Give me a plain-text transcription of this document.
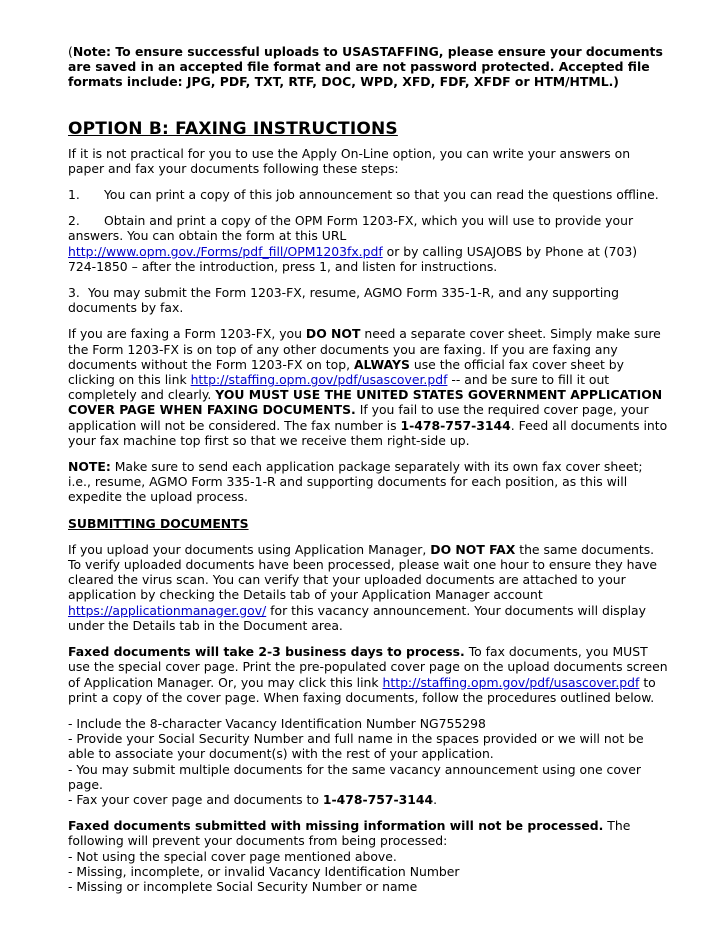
(Note: To ensure successful uploads to USASTAFFING, please ensure your documents are saved in an accepted file format and are not password protected. Accepted file formats include: JPG, PDF, TXT, RTF, DOC, WPD, XFD, FDF, XFDF or HTM/HTML.)

OPTION B: FAXING INSTRUCTIONS

If it is not practical for you to use the Apply On-Line option, you can write your answers on paper and fax your documents following these steps:

1. You can print a copy of this job announcement so that you can read the questions offline.

2. Obtain and print a copy of the OPM Form 1203-FX, which you will use to provide your answers. You can obtain the form at this URL
http://www.opm.gov./Forms/pdf_fill/OPM1203fx.pdf or by calling USAJOBS by Phone at (703) 724-1850 – after the introduction, press 1, and listen for instructions.

3. You may submit the Form 1203-FX, resume, AGMO Form 335-1-R, and any supporting documents by fax.

If you are faxing a Form 1203-FX, you DO NOT need a separate cover sheet. Simply make sure the Form 1203-FX is on top of any other documents you are faxing. If you are faxing any documents without the Form 1203-FX on top, ALWAYS use the official fax cover sheet by clicking on this link http://staffing.opm.gov/pdf/usascover.pdf -- and be sure to fill it out completely and clearly. YOU MUST USE THE UNITED STATES GOVERNMENT APPLICATION COVER PAGE WHEN FAXING DOCUMENTS. If you fail to use the required cover page, your application will not be considered. The fax number is 1-478-757-3144. Feed all documents into your fax machine top first so that we receive them right-side up.

NOTE: Make sure to send each application package separately with its own fax cover sheet; i.e., resume, AGMO Form 335-1-R and supporting documents for each position, as this will expedite the upload process.

SUBMITTING DOCUMENTS

If you upload your documents using Application Manager, DO NOT FAX the same documents. To verify uploaded documents have been processed, please wait one hour to ensure they have cleared the virus scan. You can verify that your uploaded documents are attached to your application by checking the Details tab of your Application Manager account https://applicationmanager.gov/ for this vacancy announcement. Your documents will display under the Details tab in the Document area.

Faxed documents will take 2-3 business days to process. To fax documents, you MUST use the special cover page. Print the pre-populated cover page on the upload documents screen of Application Manager. Or, you may click this link http://staffing.opm.gov/pdf/usascover.pdf to print a copy of the cover page. When faxing documents, follow the procedures outlined below.

- Include the 8-character Vacancy Identification Number NG755298

- Provide your Social Security Number and full name in the spaces provided or we will not be able to associate your document(s) with the rest of your application.

- You may submit multiple documents for the same vacancy announcement using one cover page.

- Fax your cover page and documents to 1-478-757-3144.

Faxed documents submitted with missing information will not be processed. The following will prevent your documents from being processed:

- Not using the special cover page mentioned above.

- Missing, incomplete, or invalid Vacancy Identification Number

- Missing or incomplete Social Security Number or name
